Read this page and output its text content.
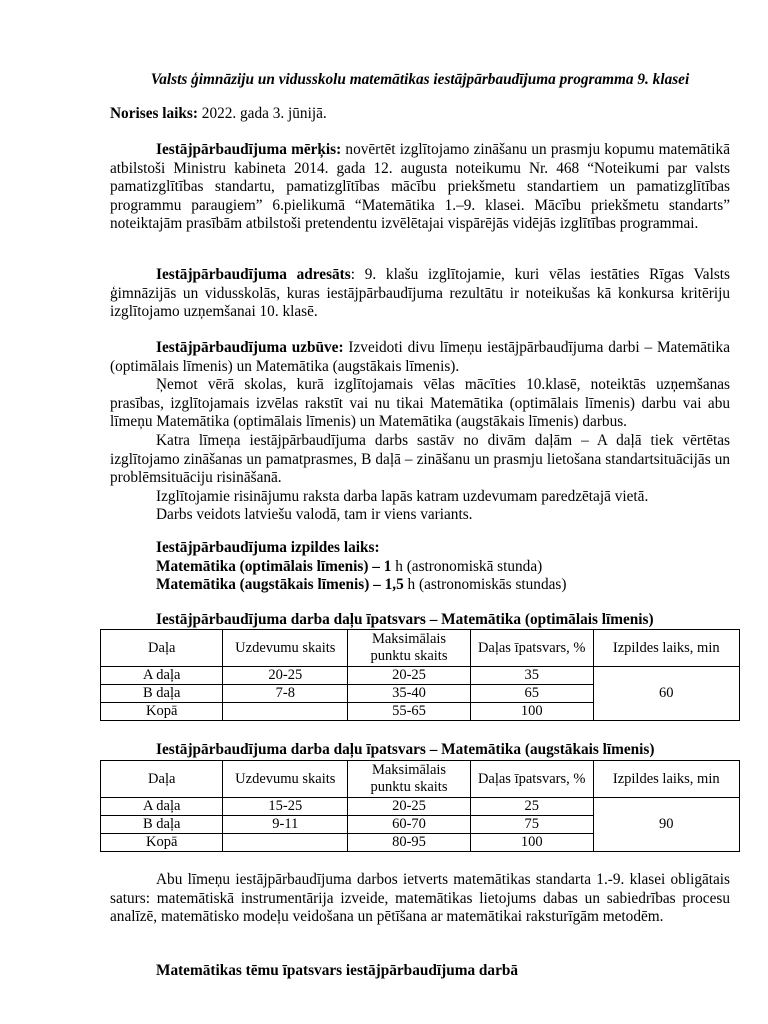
Valsts ģimnāziju un vidusskolu matemātikas iestājpārbaudījuma programma 9. klasei
Norises laiks: 2022. gada 3. jūnijā.
Iestājpārbaudījuma mērķis: novērtēt izglītojamo zināšanu un prasmju kopumu matemātikā atbilstoši Ministru kabineta 2014. gada 12. augusta noteikumu Nr. 468 “Noteikumi par valsts pamatizglītības standartu, pamatizglītības mācību priekšmetu standartiem un pamatizglītības programmu paraugiem” 6.pielikumā “Matemātika 1.–9. klasei. Mācību priekšmetu standarts” noteiktajām prasībām atbilstoši pretendentu izvēlētajai vispārējās vidējās izglītības programmai.
Iestājpārbaudījuma adresāts: 9. klašu izglītojamie, kuri vēlas iestāties Rīgas Valsts ģimnāzijās un vidusskolās, kuras iestājpārbaudījuma rezultātu ir noteikušas kā konkursa kritēriju izglītojamo uzņemšanai 10. klasē.

Iestājpārbaudījuma uzbūve: Izveidoti divu līmeņu iestājpārbaudījuma darbi – Matemātika (optimālais līmenis) un Matemātika (augstākais līmenis).

Ņemot vērā skolas, kurā izglītojamais vēlas mācīties 10.klasē, noteiktās uzņemšanas prasības, izglītojamais izvēlas rakstīt vai nu tikai Matemātika (optimālais līmenis) darbu vai abu līmeņu Matemātika (optimālais līmenis) un Matemātika (augstākais līmenis) darbus.

Katra līmeņa iestājpārbaudījuma darbs sastāv no divām daļām – A daļā tiek vērtētas izglītojamo zināšanas un pamatprasmes, B daļā – zināšanu un prasmju lietošana standartsituācijās un problēmsituāciju risināšanā.

Izglītojamie risinājumu raksta darba lapās katram uzdevumam paredzētajā vietā.

Darbs veidots latviešu valodā, tam ir viens variants.

Iestājpārbaudījuma izpildes laiks:

Matemātika (optimālais līmenis) – 1 h (astronomiskā stunda)

Matemātika (augstākais līmenis) – 1,5 h (astronomiskās stundas)

Iestājpārbaudījuma darba daļu īpatsvars – Matemātika (optimālais līmenis)
Daļa	Uzdevumu skaits	Maksimālais punktu skaits	Daļas īpatsvars, %	Izpildes laiks, min
A daļa	20-25	20-25	35	60
B daļa	7-8	35-40	65	
Kopā		55-65	100	
Iestājpārbaudījuma darba daļu īpatsvars – Matemātika (augstākais līmenis)
Daļa	Uzdevumu skaits	Maksimālais punktu skaits	Daļas īpatsvars, %	Izpildes laiks, min
A daļa	15-25	20-25	25	90
B daļa	9-11	60-70	75	
Kopā		80-95	100	
Abu līmeņu iestājpārbaudījuma darbos ietverts matemātikas standarta 1.-9. klasei obligātais saturs: matemātiskā instrumentārija izveide, matemātikas lietojums dabas un sabiedrības procesu analīzē, matemātisko modeļu veidošana un pētīšana ar matemātikai raksturīgām metodēm.
Matemātikas tēmu īpatsvars iestājpārbaudījuma darbā
